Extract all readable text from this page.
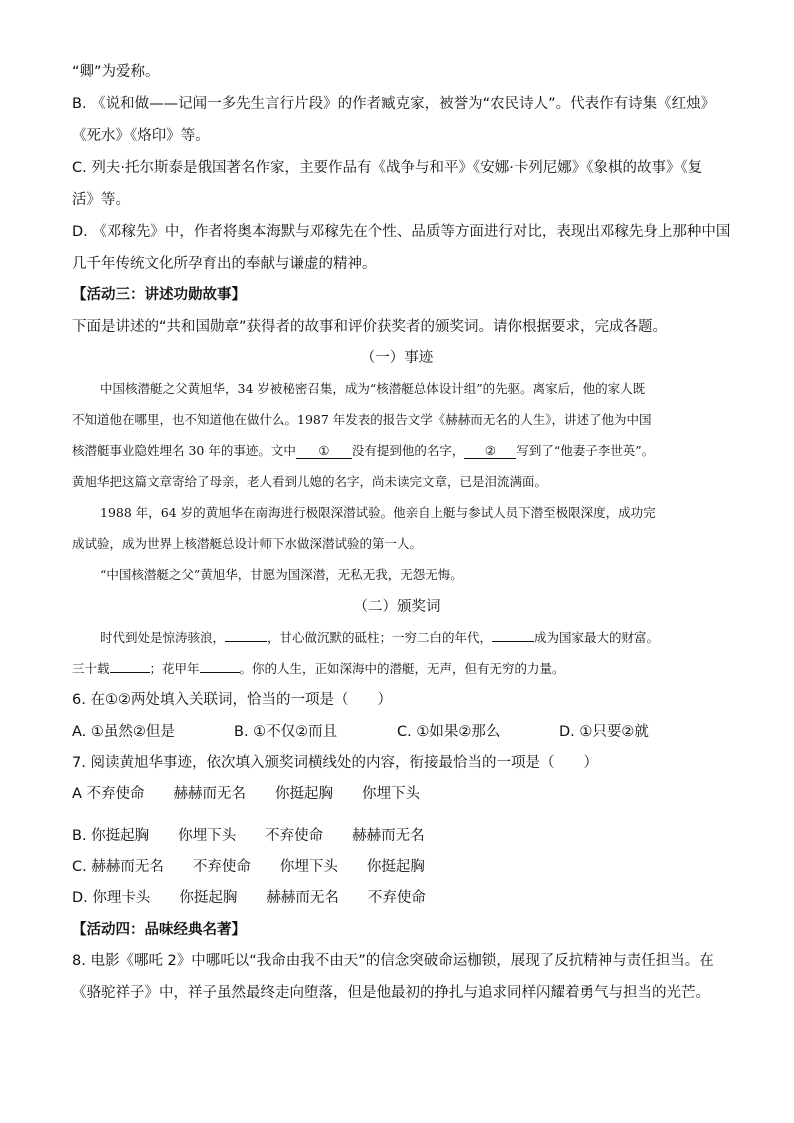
“卿”为爱称。
B. 《说和做——记闻一多先生言行片段》的作者臧克家，被誉为“农民诗人”。代表作有诗集《红烛》
《死水》《烙印》等。
C. 列夫·托尔斯泰是俄国著名作家，主要作品有《战争与和平》《安娜·卡列尼娜》《象棋的故事》《复
活》等。
D. 《邓稼先》中，作者将奥本海默与邓稼先在个性、品质等方面进行对比，表现出邓稼先身上那种中国
几千年传统文化所孕育出的奉献与谦虚的精神。
【活动三：讲述功勋故事】
下面是讲述的“共和国勋章”获得者的故事和评价获奖者的颁奖词。请你根据要求，完成各题。
（一）事迹
中国核潜艇之父黄旭华，34 岁被秘密召集，成为“核潜艇总体设计组”的先驱。离家后，他的家人既
不知道他在哪里，也不知道他在做什么。1987 年发表的报告文学《赫赫而无名的人生》，讲述了他为中国
核潜艇事业隐姓埋名 30 年的事迹。文中 ① 没有提到他的名字， ② 写到了“他妻子李世英”。
黄旭华把这篇文章寄给了母亲，老人看到儿媳的名字，尚未读完文章，已是泪流满面。
1988 年，64 岁的黄旭华在南海进行极限深潜试验。他亲自上艇与参试人员下潜至极限深度，成功完
成试验，成为世界上核潜艇总设计师下水做深潜试验的第一人。
“中国核潜艇之父”黄旭华，甘愿为国深潜，无私无我，无怨无悔。
（二）颁奖词
时代到处是惊涛骇浪，	，甘心做沉默的砥柱；一穷二白的年代，	成为国家最大的财富。
三十载	；花甲年	。你的人生，正如深海中的潜艇，无声，但有无穷的力量。
6. 在①②两处填入关联词，恰当的一项是（　　）
A. ①虽然②但是	B. ①不仅②而且	C. ①如果②那么	D. ①只要②就
7. 阅读黄旭华事迹，依次填入颁奖词横线处的内容，衔接最恰当的一项是（　　）
A 不弃使命　　赫赫而无名　　你挺起胸　　你埋下头
B. 你挺起胸　　你埋下头　　不弃使命　　赫赫而无名
C. 赫赫而无名　　不弃使命　　你埋下头　　你挺起胸
D. 你理卡头　　你挺起胸　　赫赫而无名　　不弃使命
【活动四：品味经典名著】
8. 电影《哪吒 2》中哪吒以“我命由我不由天”的信念突破命运枷锁，展现了反抗精神与责任担当。在
《骆驼祥子》中，祥子虽然最终走向堕落，但是他最初的挣扎与追求同样闪耀着勇气与担当的光芒。
